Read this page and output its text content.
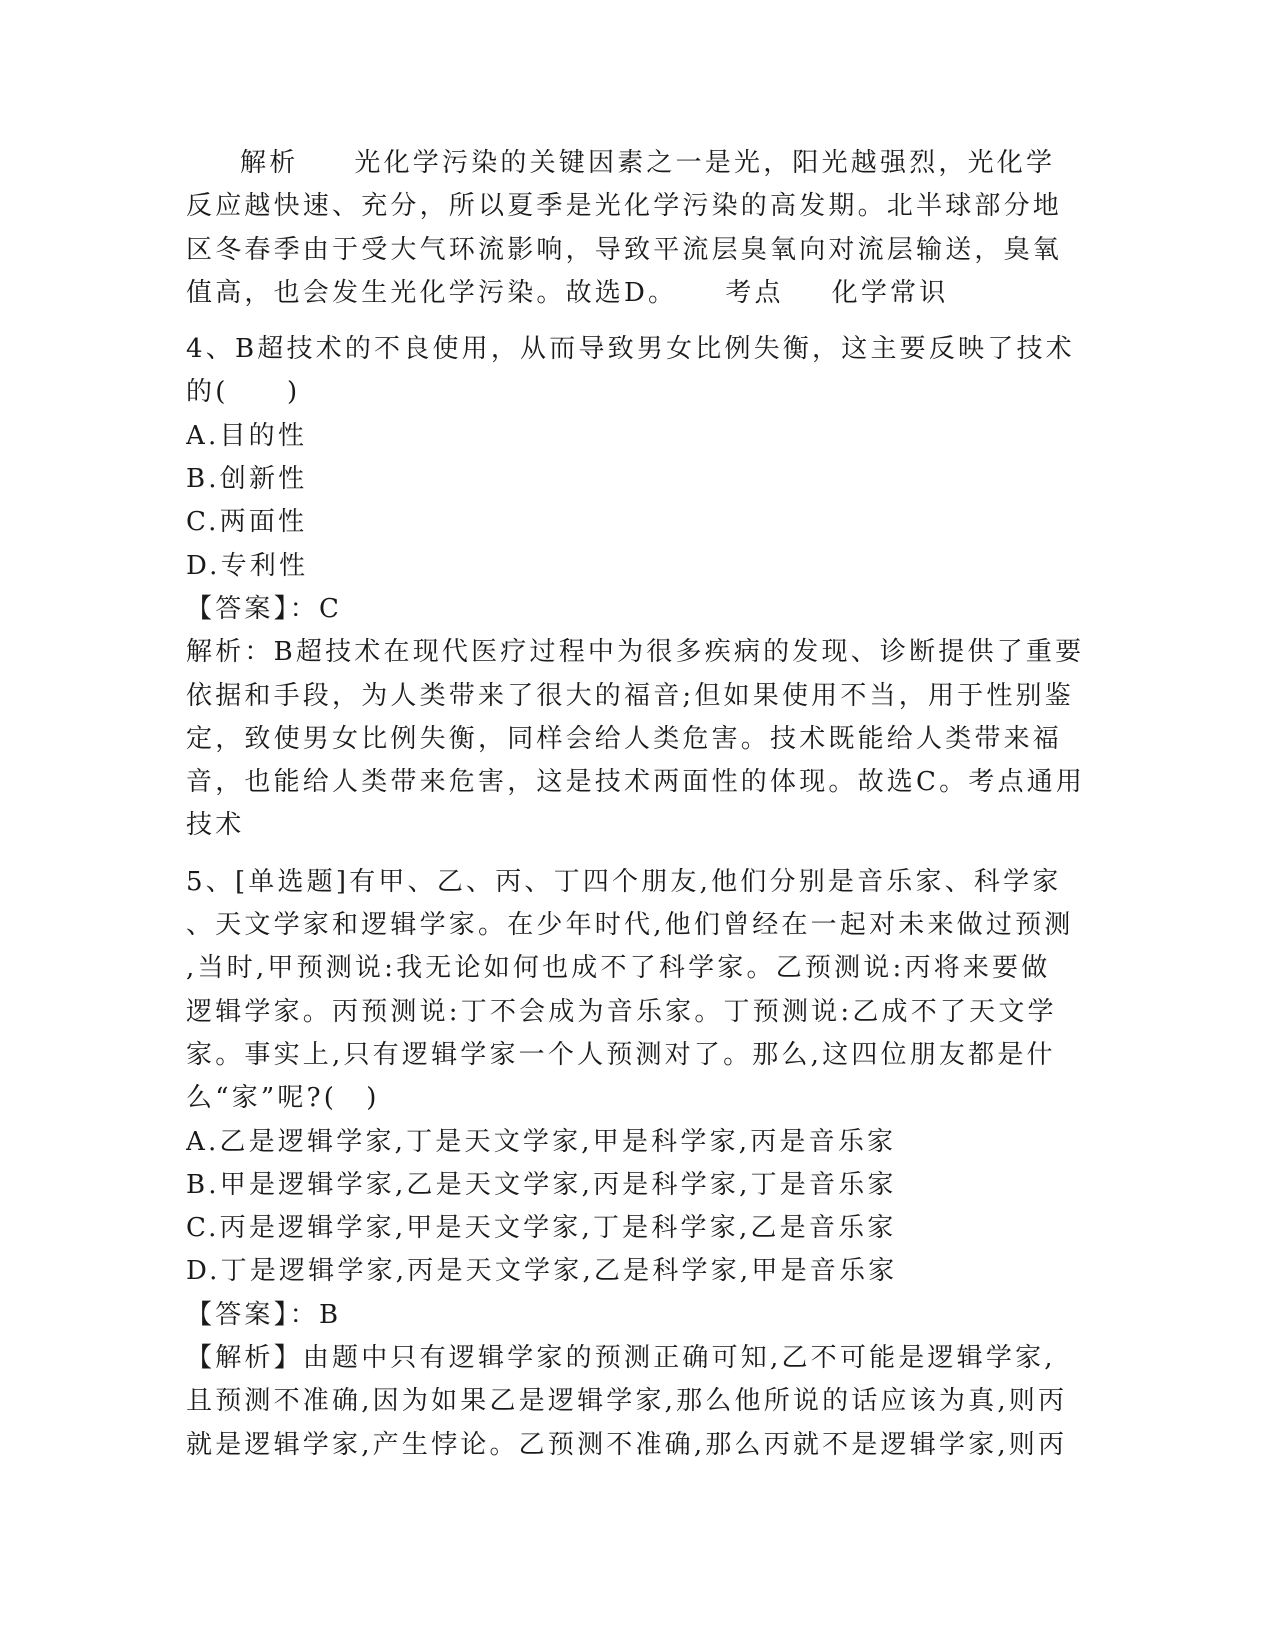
解析 光化学污染的关键因素之一是光，阳光越强烈，光化学
反应越快速、充分，所以夏季是光化学污染的高发期。北半球部分地
区冬春季由于受大气环流影响，导致平流层臭氧向对流层输送，臭氧
值高，也会发生光化学污染。故选D。 考点 化学常识
4、B超技术的不良使用，从而导致男女比例失衡，这主要反映了技术
的(　　)
A.目的性
B.创新性
C.两面性
D.专利性
【答案】：C
解析：B超技术在现代医疗过程中为很多疾病的发现、诊断提供了重要
依据和手段，为人类带来了很大的福音;但如果使用不当，用于性别鉴
定，致使男女比例失衡，同样会给人类危害。技术既能给人类带来福
音，也能给人类带来危害，这是技术两面性的体现。故选C。考点通用
技术
5、[单选题]有甲、乙、丙、丁四个朋友,他们分别是音乐家、科学家
、天文学家和逻辑学家。在少年时代,他们曾经在一起对未来做过预测
,当时,甲预测说:我无论如何也成不了科学家。乙预测说:丙将来要做
逻辑学家。丙预测说:丁不会成为音乐家。丁预测说:乙成不了天文学
家。事实上,只有逻辑学家一个人预测对了。那么,这四位朋友都是什
么“家”呢?(　)
A.乙是逻辑学家,丁是天文学家,甲是科学家,丙是音乐家
B.甲是逻辑学家,乙是天文学家,丙是科学家,丁是音乐家
C.丙是逻辑学家,甲是天文学家,丁是科学家,乙是音乐家
D.丁是逻辑学家,丙是天文学家,乙是科学家,甲是音乐家
【答案】：B
【解析】由题中只有逻辑学家的预测正确可知,乙不可能是逻辑学家,
且预测不准确,因为如果乙是逻辑学家,那么他所说的话应该为真,则丙
就是逻辑学家,产生悖论。乙预测不准确,那么丙就不是逻辑学家,则丙
